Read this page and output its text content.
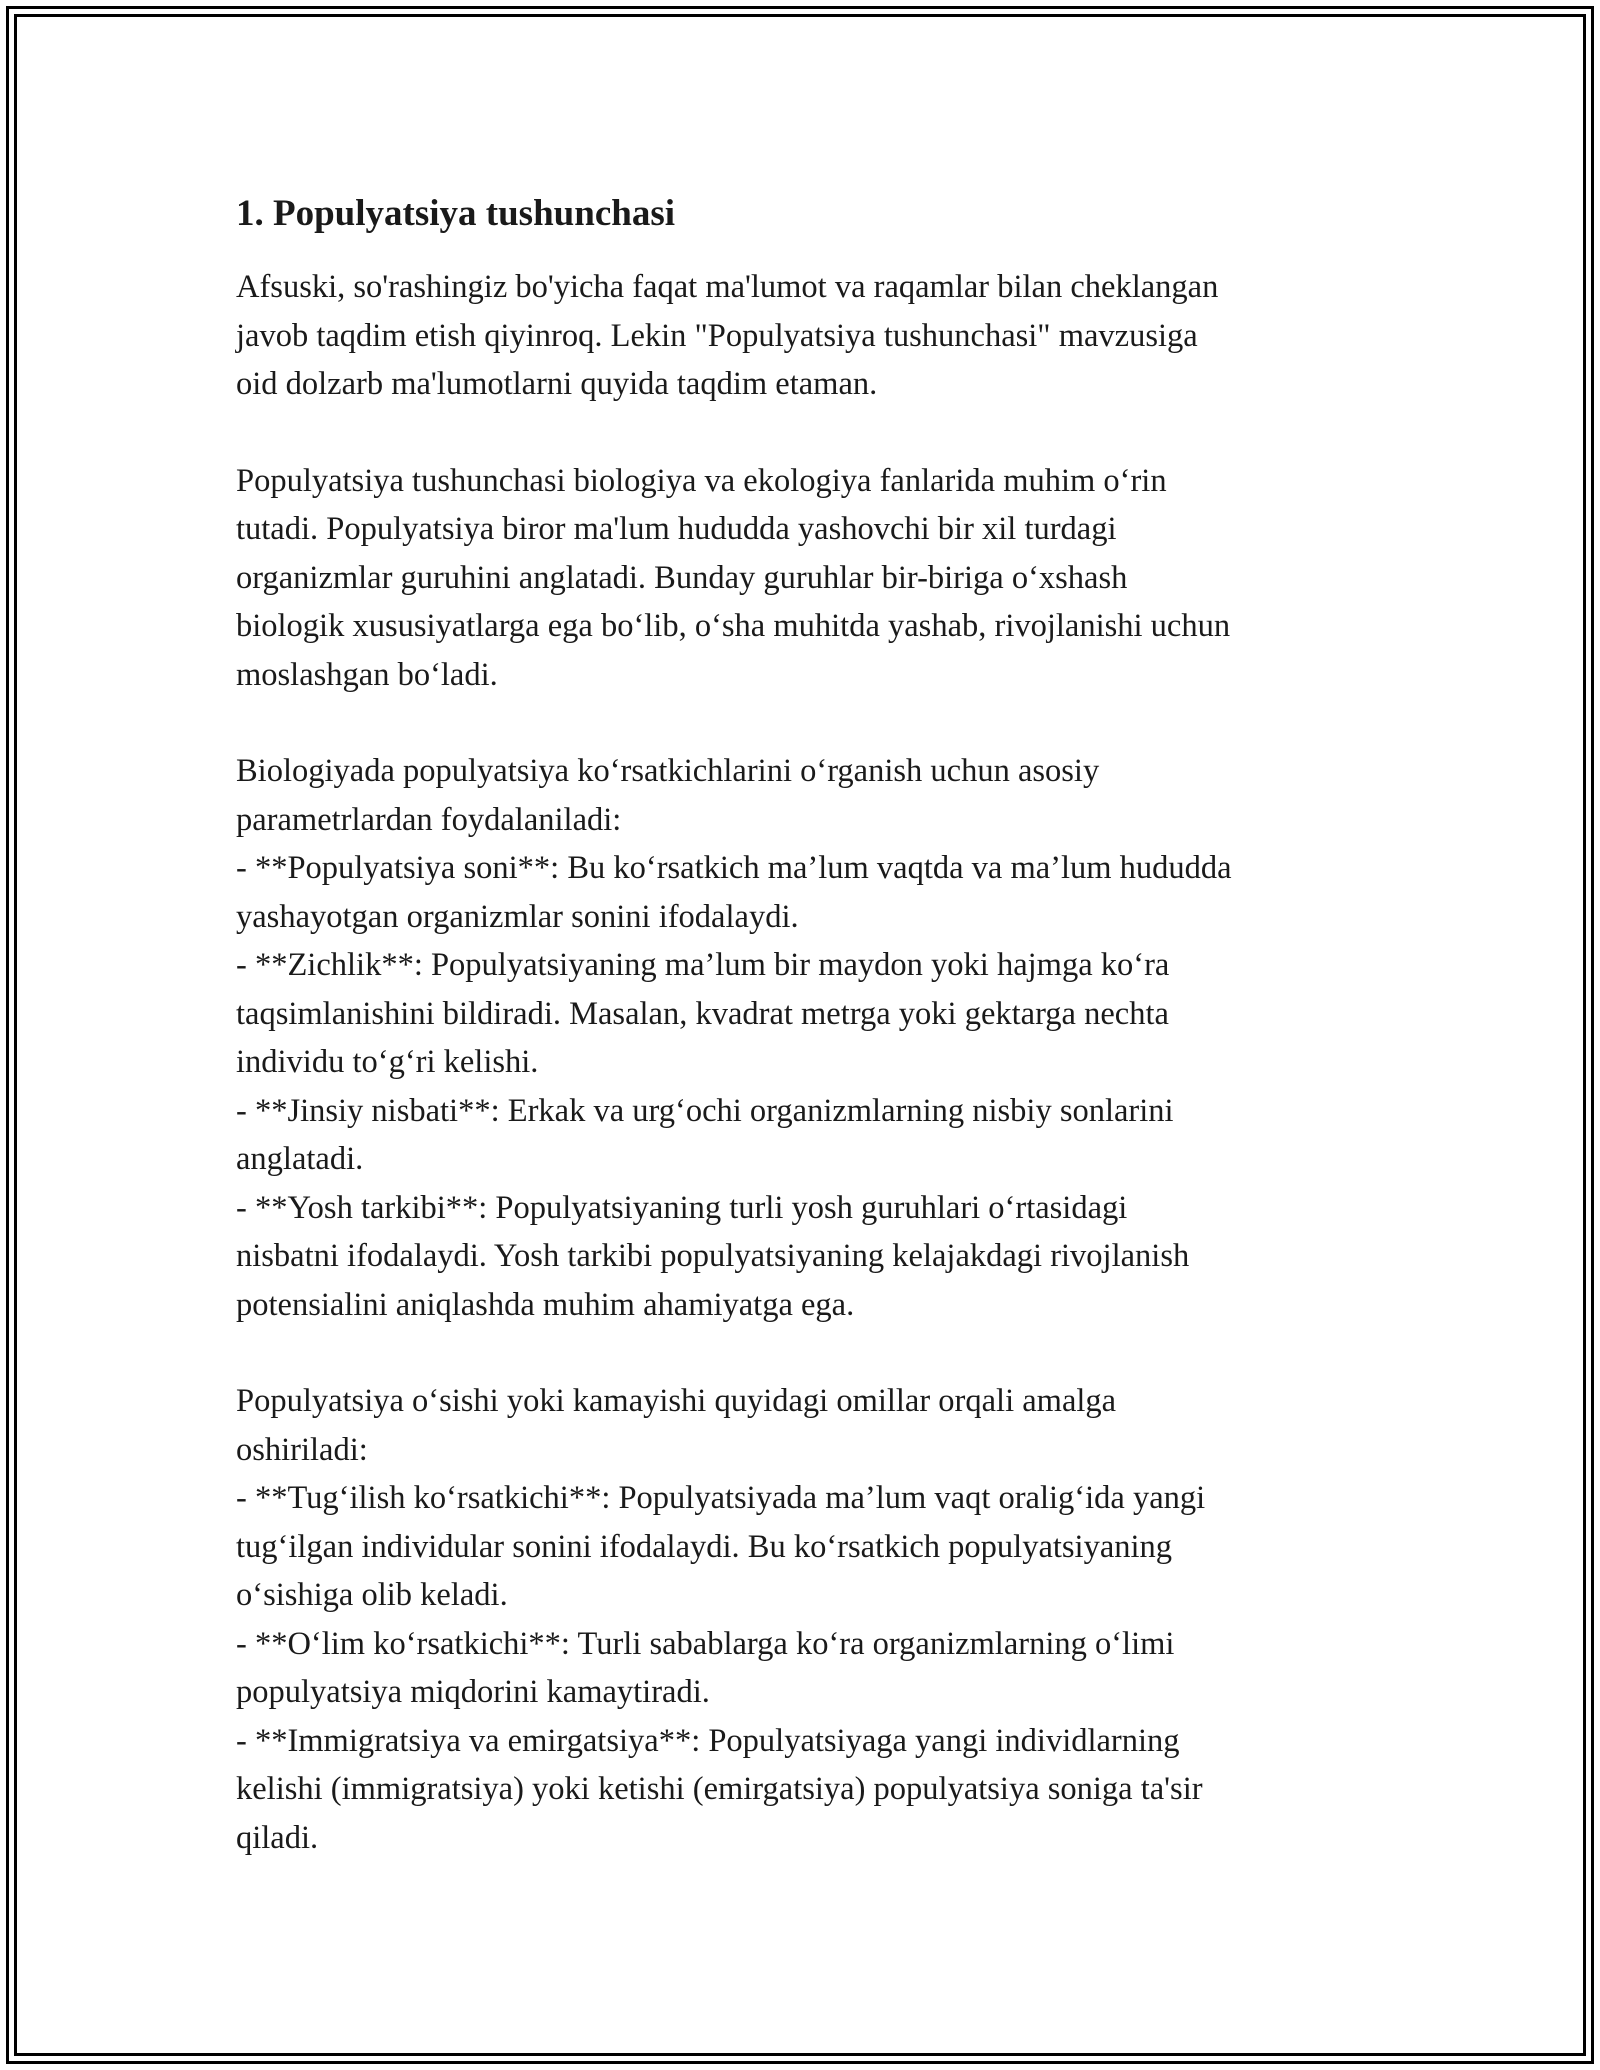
1. Populyatsiya tushunchasi

Afsuski, so'rashingiz bo'yicha faqat ma'lumot va raqamlar bilan cheklangan
javob taqdim etish qiyinroq. Lekin "Populyatsiya tushunchasi" mavzusiga
oid dolzarb ma'lumotlarni quyida taqdim etaman.

Populyatsiya tushunchasi biologiya va ekologiya fanlarida muhim o‘rin
tutadi. Populyatsiya biror ma'lum hududda yashovchi bir xil turdagi
organizmlar guruhini anglatadi. Bunday guruhlar bir-biriga o‘xshash
biologik xususiyatlarga ega bo‘lib, o‘sha muhitda yashab, rivojlanishi uchun
moslashgan bo‘ladi.

Biologiyada populyatsiya ko‘rsatkichlarini o‘rganish uchun asosiy
parametrlardan foydalaniladi:
- **Populyatsiya soni**: Bu ko‘rsatkich ma’lum vaqtda va ma’lum hududda
yashayotgan organizmlar sonini ifodalaydi.
- **Zichlik**: Populyatsiyaning ma’lum bir maydon yoki hajmga ko‘ra
taqsimlanishini bildiradi. Masalan, kvadrat metrga yoki gektarga nechta
individu to‘g‘ri kelishi.
- **Jinsiy nisbati**: Erkak va urg‘ochi organizmlarning nisbiy sonlarini
anglatadi.
- **Yosh tarkibi**: Populyatsiyaning turli yosh guruhlari o‘rtasidagi
nisbatni ifodalaydi. Yosh tarkibi populyatsiyaning kelajakdagi rivojlanish
potensialini aniqlashda muhim ahamiyatga ega.

Populyatsiya o‘sishi yoki kamayishi quyidagi omillar orqali amalga
oshiriladi:
- **Tug‘ilish ko‘rsatkichi**: Populyatsiyada ma’lum vaqt oralig‘ida yangi
tug‘ilgan individular sonini ifodalaydi. Bu ko‘rsatkich populyatsiyaning
o‘sishiga olib keladi.
- **O‘lim ko‘rsatkichi**: Turli sabablarga ko‘ra organizmlarning o‘limi
populyatsiya miqdorini kamaytiradi.
- **Immigratsiya va emirgatsiya**: Populyatsiyaga yangi individlarning
kelishi (immigratsiya) yoki ketishi (emirgatsiya) populyatsiya soniga ta'sir
qiladi.
